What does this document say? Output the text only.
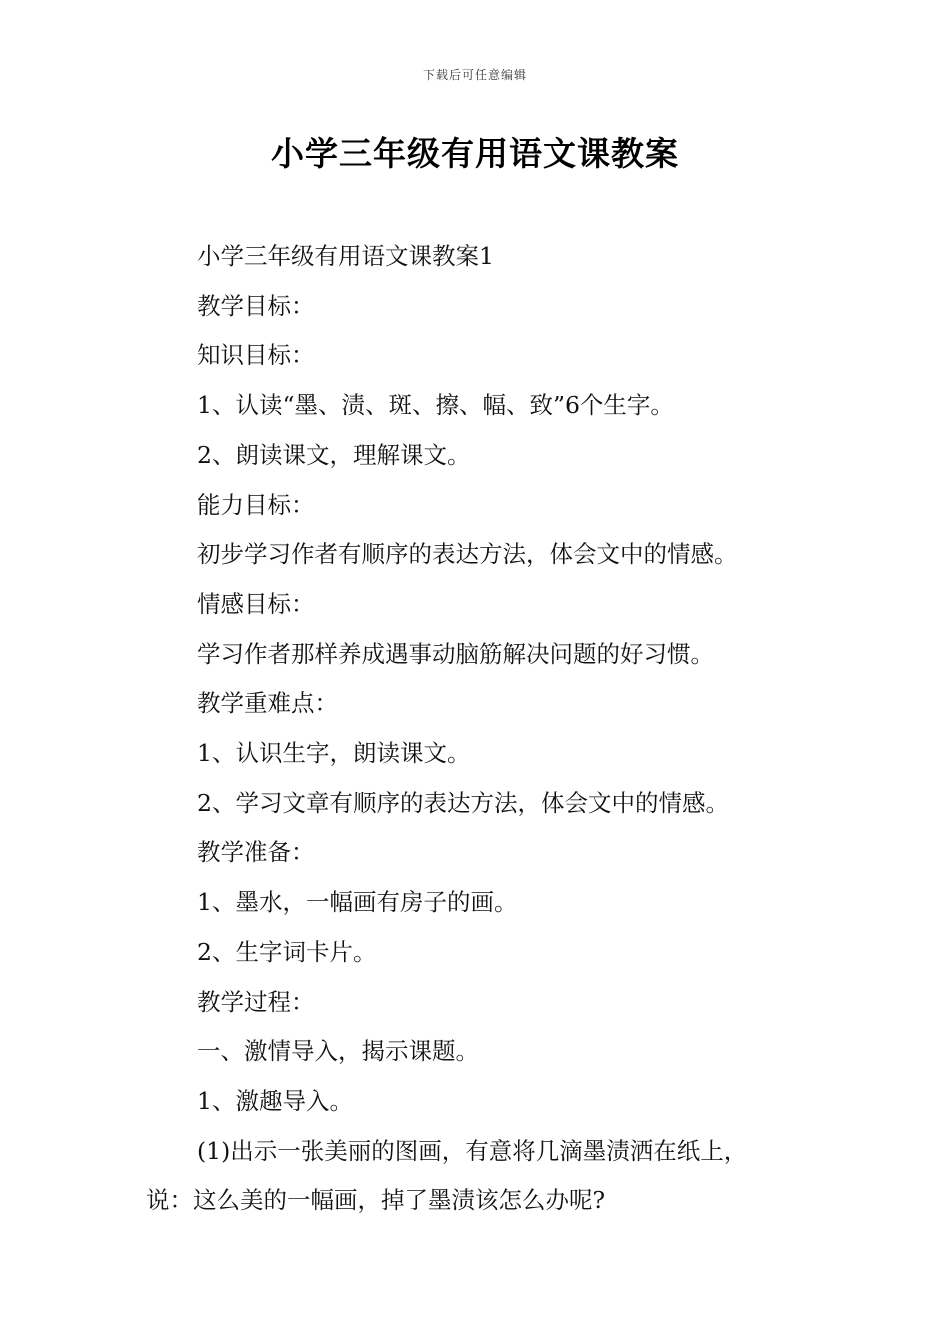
下载后可任意编辑
小学三年级有用语文课教案
小学三年级有用语文课教案1
教学目标：
知识目标：
1、认读“墨、渍、斑、擦、幅、致”6个生字。
2、朗读课文，理解课文。
能力目标：
初步学习作者有顺序的表达方法，体会文中的情感。
情感目标：
学习作者那样养成遇事动脑筋解决问题的好习惯。
教学重难点：
1、认识生字，朗读课文。
2、学习文章有顺序的表达方法，体会文中的情感。
教学准备：
1、墨水，一幅画有房子的画。
2、生字词卡片。
教学过程：
一、激情导入，揭示课题。
1、激趣导入。
(1)出示一张美丽的图画，有意将几滴墨渍洒在纸上，
说：这么美的一幅画，掉了墨渍该怎么办呢?
